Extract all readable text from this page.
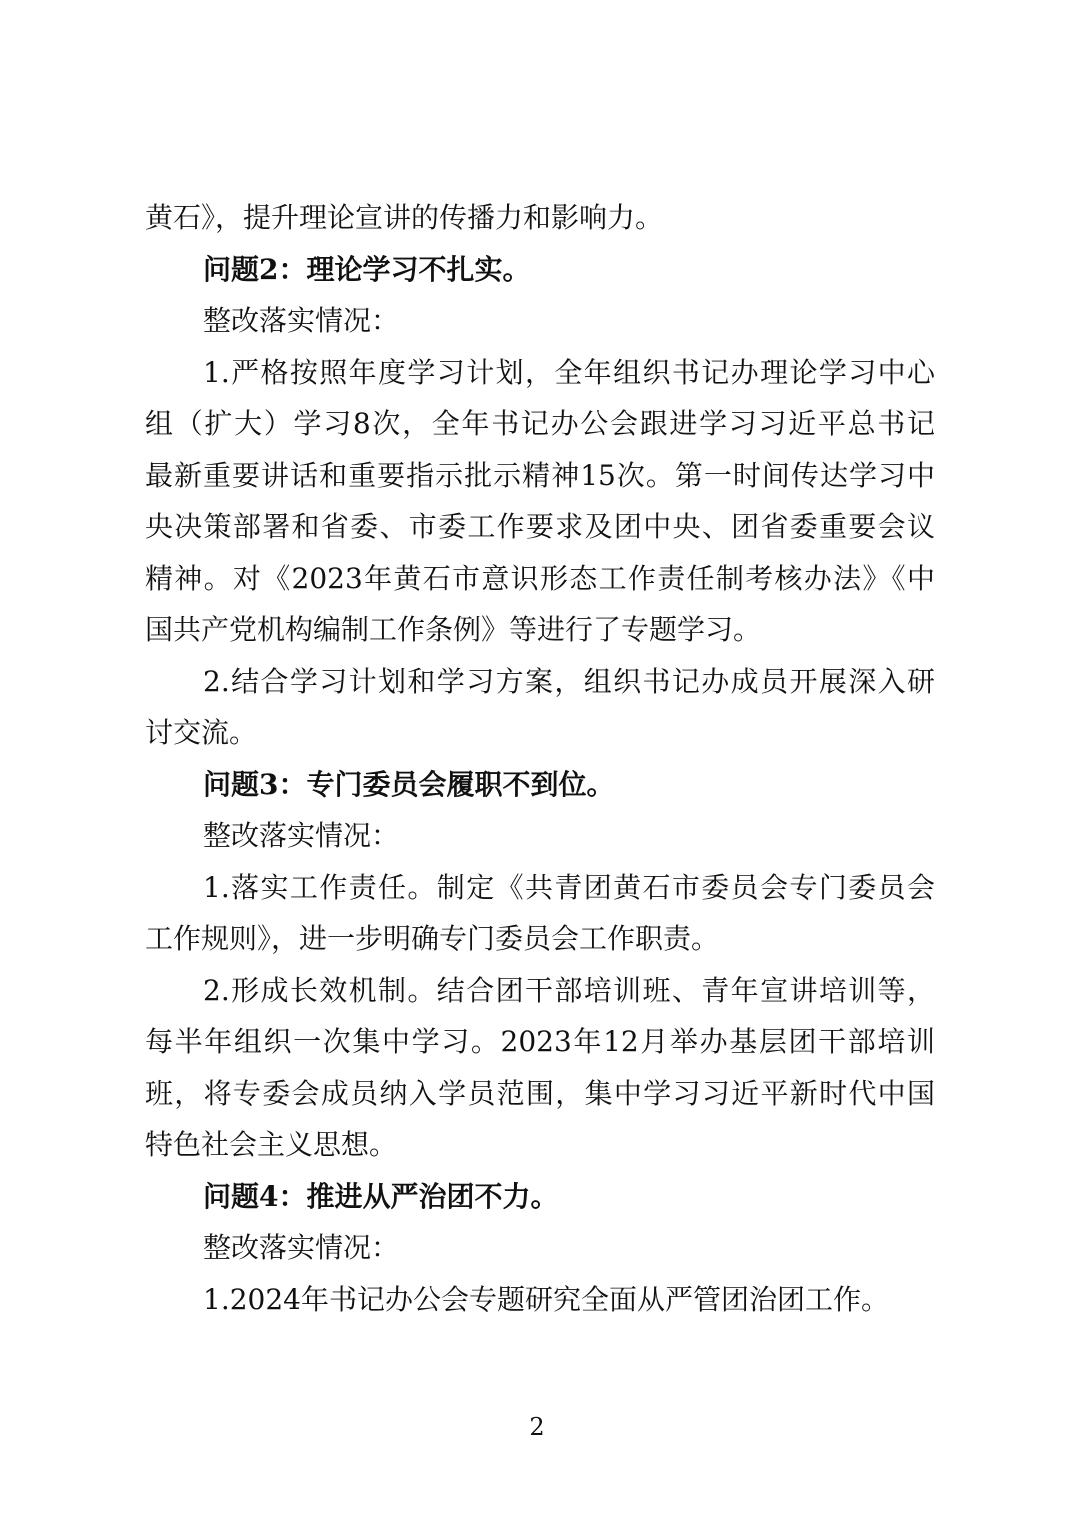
黄石》，提升理论宣讲的传播力和影响力。
问题2：理论学习不扎实。
整改落实情况：
1.严格按照年度学习计划，全年组织书记办理论学习中心
组（扩大）学习8次，全年书记办公会跟进学习习近平总书记
最新重要讲话和重要指示批示精神15次。第一时间传达学习中
央决策部署和省委、市委工作要求及团中央、团省委重要会议
精神。对《2023年黄石市意识形态工作责任制考核办法》《中
国共产党机构编制工作条例》等进行了专题学习。
2.结合学习计划和学习方案，组织书记办成员开展深入研
讨交流。
问题3：专门委员会履职不到位。
整改落实情况：
1.落实工作责任。制定《共青团黄石市委员会专门委员会
工作规则》，进一步明确专门委员会工作职责。
2.形成长效机制。结合团干部培训班、青年宣讲培训等，
每半年组织一次集中学习。2023年12月举办基层团干部培训
班，将专委会成员纳入学员范围，集中学习习近平新时代中国
特色社会主义思想。
问题4：推进从严治团不力。
整改落实情况：
1.2024年书记办公会专题研究全面从严管团治团工作。
2
